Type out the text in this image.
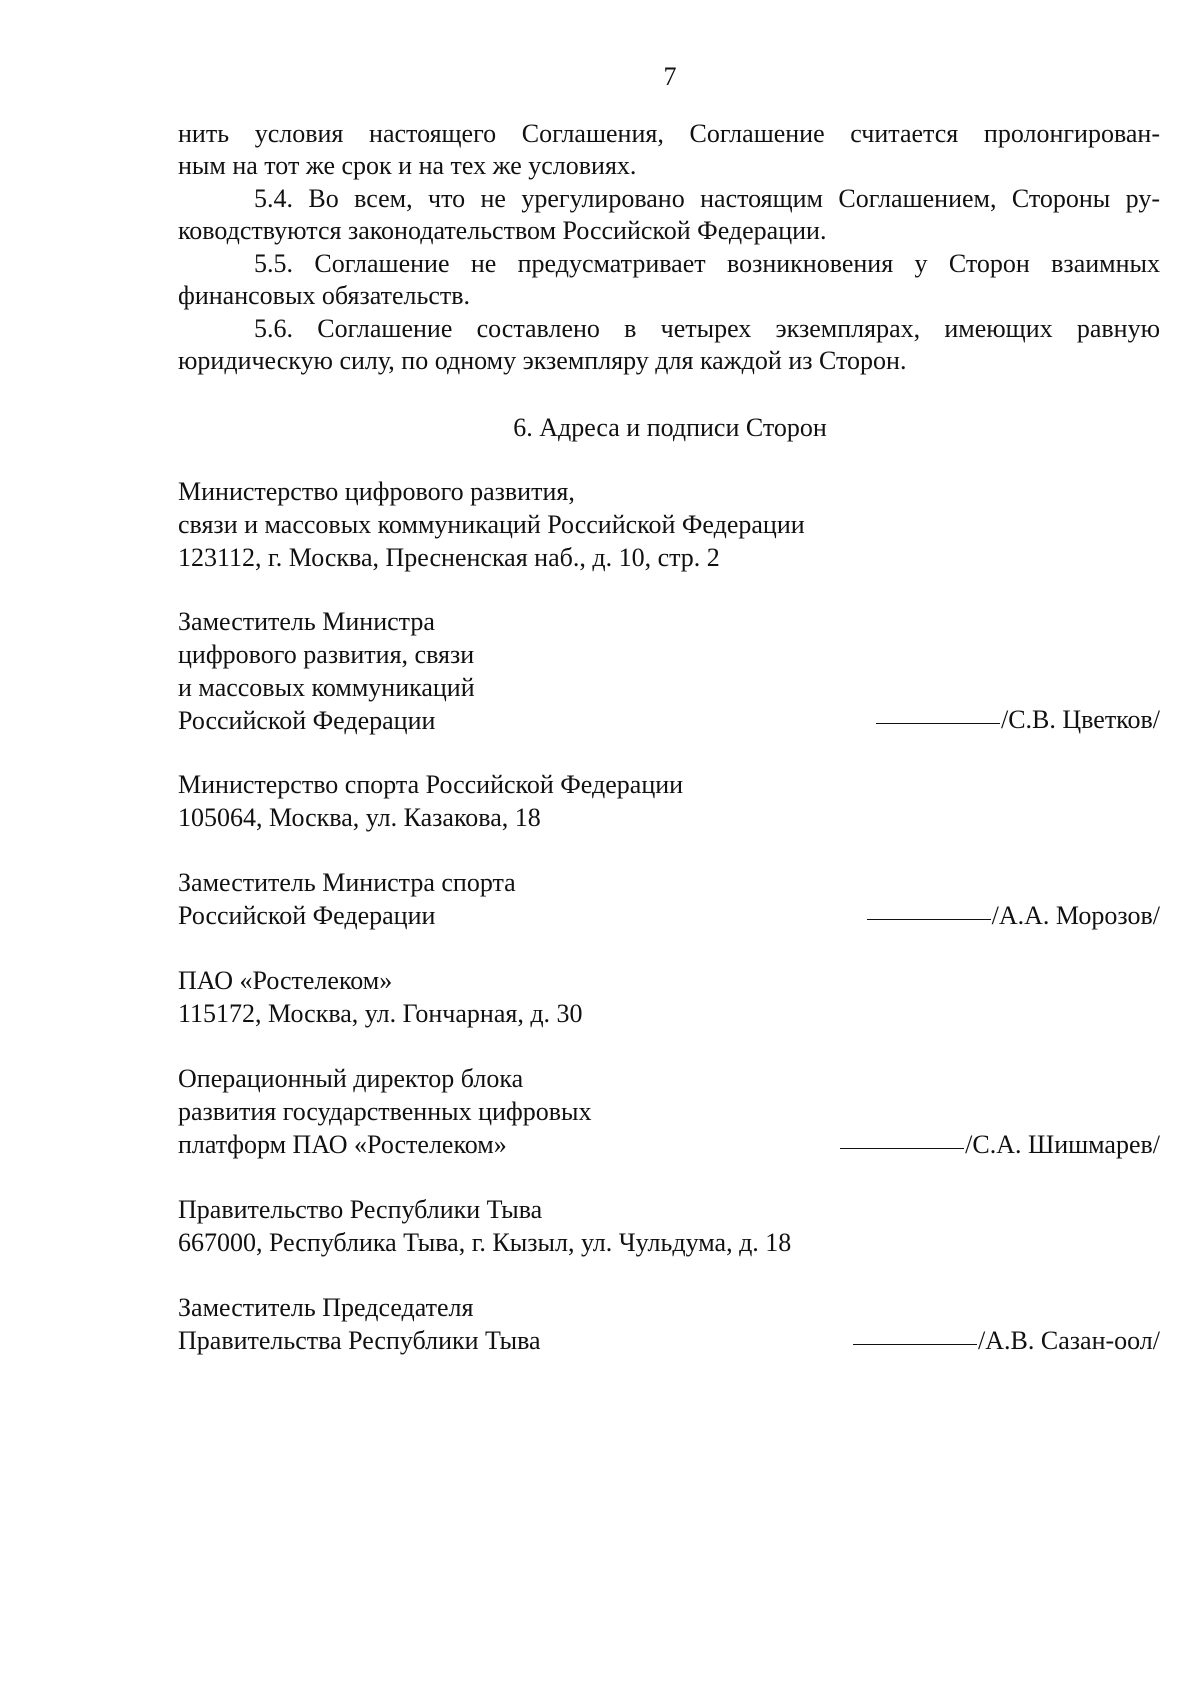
7
нить условия настоящего Соглашения, Соглашение считается пролонгирован-
ным на тот же срок и на тех же условиях.
5.4. Во всем, что не урегулировано настоящим Соглашением, Стороны ру-
ководствуются законодательством Российской Федерации.
5.5. Соглашение не предусматривает возникновения у Сторон взаимных
финансовых обязательств.
5.6. Соглашение составлено в четырех экземплярах, имеющих равную
юридическую силу, по одному экземпляру для каждой из Сторон.
6. Адреса и подписи Сторон
Министерство цифрового развития,
связи и массовых коммуникаций Российской Федерации
123112, г. Москва, Пресненская наб., д. 10, стр. 2
Заместитель Министра
цифрового развития, связи
и массовых коммуникаций
Российской Федерации	/С.В. Цветков/
Министерство спорта Российской Федерации
105064, Москва, ул. Казакова, 18
Заместитель Министра спорта
Российской Федерации	/А.А. Морозов/
ПАО «Ростелеком»
115172, Москва, ул. Гончарная, д. 30
Операционный директор блока
развития государственных цифровых
платформ ПАО «Ростелеком»	/С.А. Шишмарев/
Правительство Республики Тыва
667000, Республика Тыва, г. Кызыл, ул. Чульдума, д. 18
Заместитель Председателя
Правительства Республики Тыва	/А.В. Сазан-оол/
